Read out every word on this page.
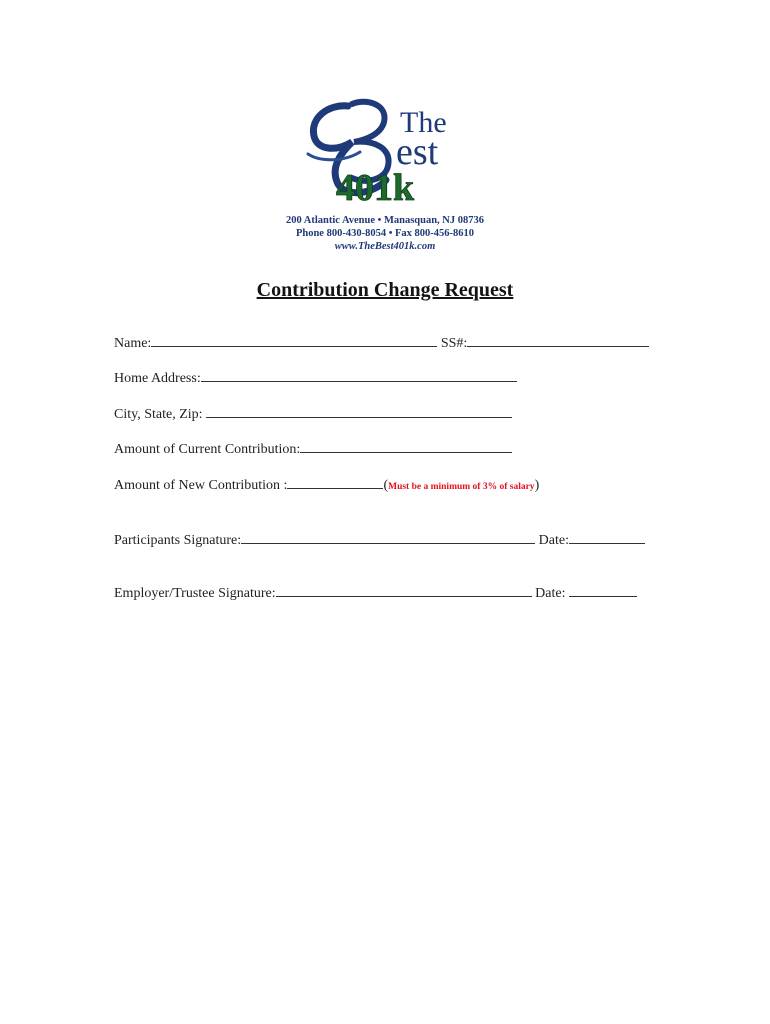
The
est
401k
200 Atlantic Avenue • Manasquan, NJ 08736
Phone 800-430-8054 • Fax 800-456-8610
www.TheBest401k.com
Contribution Change Request
Name:	SS#:
Home Address:
City, State, Zip:
Amount of Current Contribution:
Amount of New Contribution :	(Must be a minimum of 3% of salary)
Participants Signature:	Date:
Employer/Trustee Signature:	Date:
